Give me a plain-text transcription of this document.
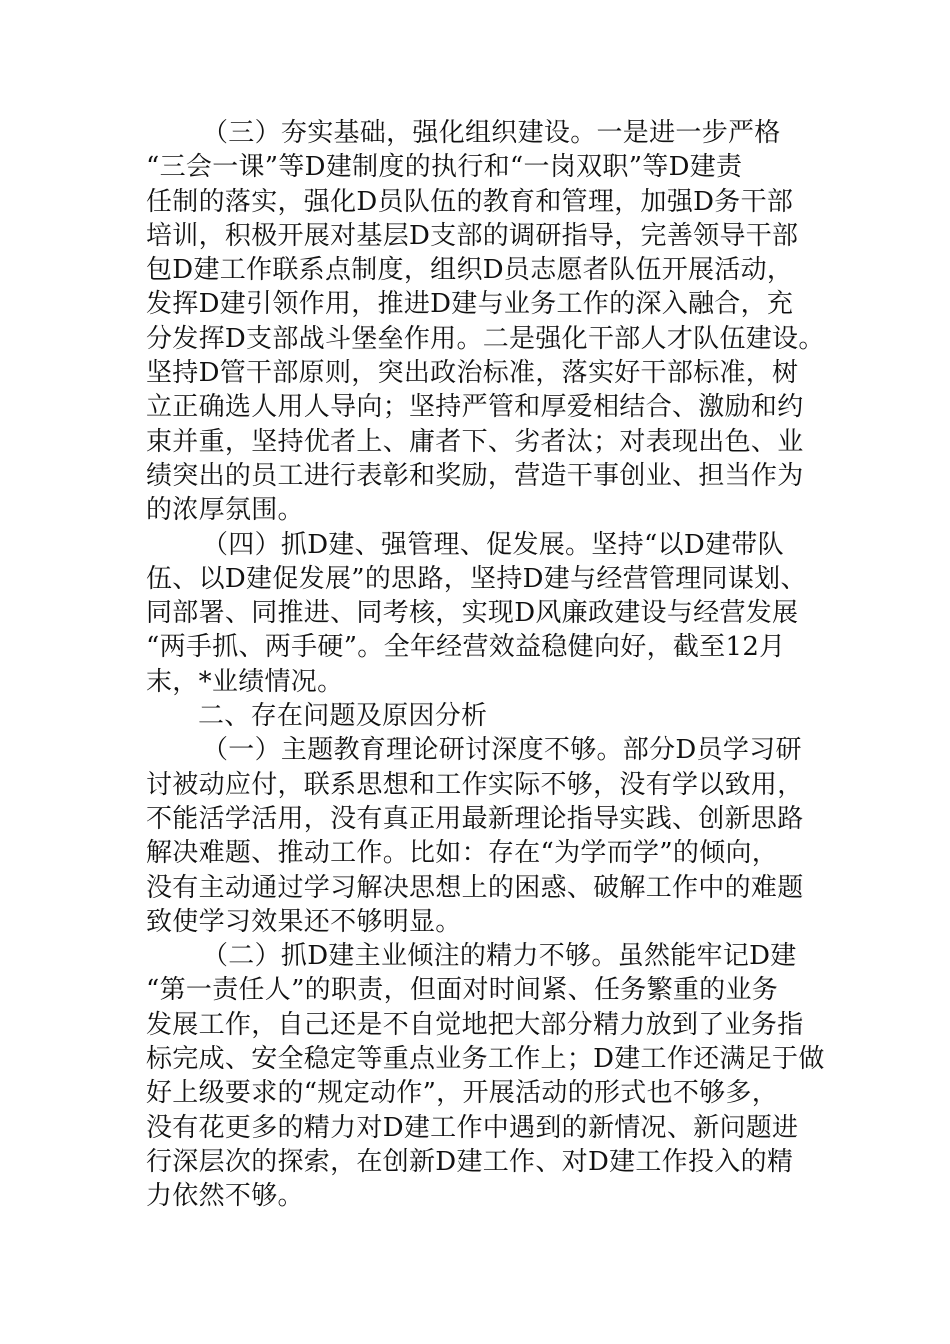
（三）夯实基础，强化组织建设。一是进一步严格
“三会一课”等D建制度的执行和“一岗双职”等D建责
任制的落实，强化D员队伍的教育和管理，加强D务干部
培训，积极开展对基层D支部的调研指导，完善领导干部
包D建工作联系点制度，组织D员志愿者队伍开展活动，
发挥D建引领作用，推进D建与业务工作的深入融合，充
分发挥D支部战斗堡垒作用。二是强化干部人才队伍建设。
坚持D管干部原则，突出政治标准，落实好干部标准，树
立正确选人用人导向；坚持严管和厚爱相结合、激励和约
束并重，坚持优者上、庸者下、劣者汰；对表现出色、业
绩突出的员工进行表彰和奖励，营造干事创业、担当作为
的浓厚氛围。
（四）抓D建、强管理、促发展。坚持“以D建带队
伍、以D建促发展”的思路，坚持D建与经营管理同谋划、
同部署、同推进、同考核，实现D风廉政建设与经营发展
“两手抓、两手硬”。全年经营效益稳健向好，截至12月
末，*业绩情况。
二、存在问题及原因分析
（一）主题教育理论研讨深度不够。部分D员学习研
讨被动应付，联系思想和工作实际不够，没有学以致用，
不能活学活用，没有真正用最新理论指导实践、创新思路
解决难题、推动工作。比如：存在“为学而学”的倾向，
没有主动通过学习解决思想上的困惑、破解工作中的难题
致使学习效果还不够明显。
（二）抓D建主业倾注的精力不够。虽然能牢记D建
“第一责任人”的职责，但面对时间紧、任务繁重的业务
发展工作，自己还是不自觉地把大部分精力放到了业务指
标完成、安全稳定等重点业务工作上；D建工作还满足于做
好上级要求的“规定动作”，开展活动的形式也不够多，
没有花更多的精力对D建工作中遇到的新情况、新问题进
行深层次的探索，在创新D建工作、对D建工作投入的精
力依然不够。
